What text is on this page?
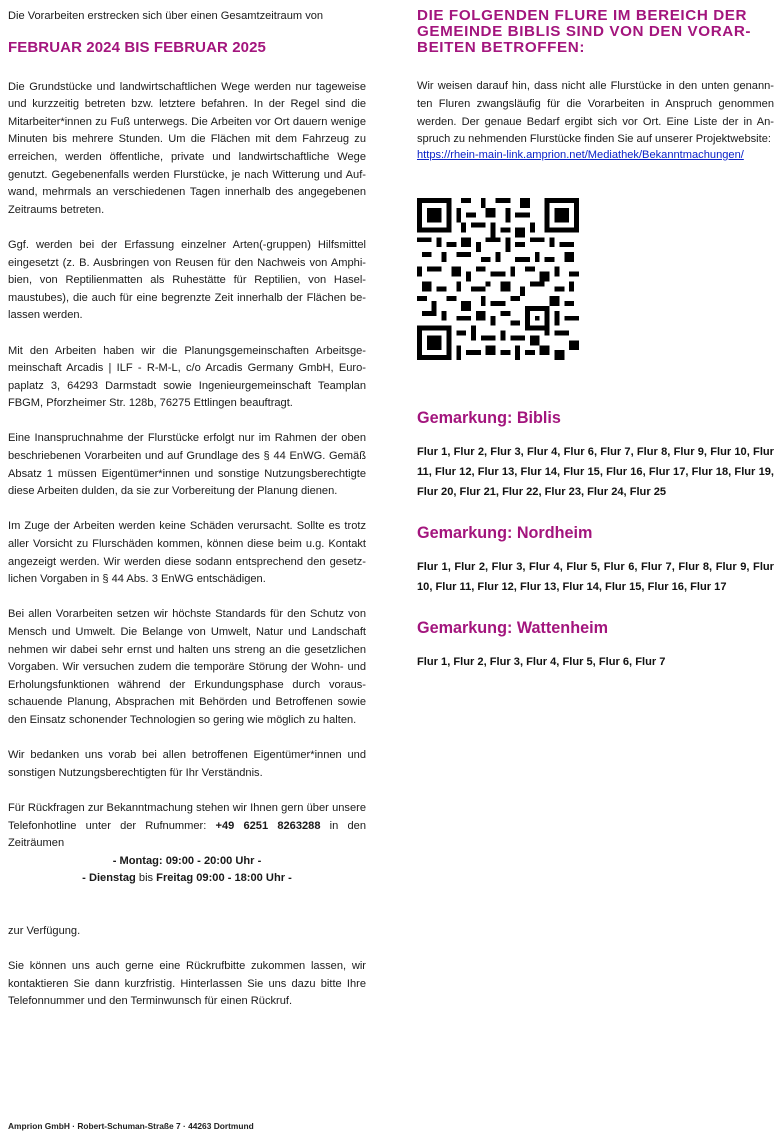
Die Vorarbeiten erstrecken sich über einen Gesamtzeitraum von

FEBRUAR 2024 BIS FEBRUAR 2025

Die Grundstücke und landwirtschaftlichen Wege werden nur tageweise und kurzzeitig betreten bzw. letztere befahren. In der Regel sind die Mitarbeiter*innen zu Fuß unterwegs. Die Arbeiten vor Ort dauern wenige Minuten bis mehrere Stunden. Um die Flächen mit dem Fahrzeug zu erreichen, werden öffentliche, private und landwirtschaftliche Wege genutzt. Gegebenenfalls werden Flurstücke, je nach Witterung und Aufwand, mehrmals an verschiedenen Tagen innerhalb des angegebenen Zeitraums betreten.

Ggf. werden bei der Erfassung einzelner Arten(-gruppen) Hilfsmittel eingesetzt (z. B. Ausbringen von Reusen für den Nachweis von Amphibien, von Reptilienmatten als Ruhestätte für Reptilien, von Haselmaustubes), die auch für eine begrenzte Zeit innerhalb der Flächen belassen werden.

Mit den Arbeiten haben wir die Planungsgemeinschaften Arbeitsgemeinschaft Arcadis | ILF - R-M-L, c/o Arcadis Germany GmbH, Europaplatz 3, 64293 Darmstadt sowie Ingenieurgemeinschaft Teamplan FBGM, Pforzheimer Str. 128b, 76275 Ettlingen beauftragt.

Eine Inanspruchnahme der Flurstücke erfolgt nur im Rahmen der oben beschriebenen Vorarbeiten und auf Grundlage des § 44 EnWG. Gemäß Absatz 1 müssen Eigentümer*innen und sonstige Nutzungsberechtigte diese Arbeiten dulden, da sie zur Vorbereitung der Planung dienen.

Im Zuge der Arbeiten werden keine Schäden verursacht. Sollte es trotz aller Vorsicht zu Flurschäden kommen, können diese beim u.g. Kontakt angezeigt werden. Wir werden diese sodann entsprechend den gesetzlichen Vorgaben in § 44 Abs. 3 EnWG entschädigen.

Bei allen Vorarbeiten setzen wir höchste Standards für den Schutz von Mensch und Umwelt. Die Belange von Umwelt, Natur und Landschaft nehmen wir dabei sehr ernst und halten uns streng an die gesetzlichen Vorgaben. Wir versuchen zudem die temporäre Störung der Wohn- und Erholungsfunktionen während der Erkundungsphase durch vorausschauende Planung, Absprachen mit Behörden und Betroffenen sowie den Einsatz schonender Technologien so gering wie möglich zu halten.

Wir bedanken uns vorab bei allen betroffenen Eigentümer*innen und sonstigen Nutzungsberechtigten für Ihr Verständnis.

Für Rückfragen zur Bekanntmachung stehen wir Ihnen gern über unsere Telefonhotline unter der Rufnummer: +49 6251 8263288 in den Zeiträumen

- Montag: 09:00 - 20:00 Uhr -

- Dienstag bis Freitag 09:00 - 18:00 Uhr -

zur Verfügung.

Sie können uns auch gerne eine Rückrufbitte zukommen lassen, wir kontaktieren Sie dann kurzfristig. Hinterlassen Sie uns dazu bitte Ihre Telefonnummer und den Terminwunsch für einen Rückruf.

DIE FOLGENDEN FLURE IM BEREICH DER GEMEINDE BIBLIS SIND VON DEN VORARBEITEN BETROFFEN:

Wir weisen darauf hin, dass nicht alle Flurstücke in den unten genannten Fluren zwangsläufig für die Vorarbeiten in Anspruch genommen werden. Der genaue Bedarf ergibt sich vor Ort. Eine Liste der in Anspruch zu nehmenden Flurstücke finden Sie auf unserer Projektwebsite:

https://rhein-main-link.amprion.net/Mediathek/Bekanntmachungen/
Gemarkung: Biblis
Flur 1, Flur 2, Flur 3, Flur 4, Flur 6, Flur 7, Flur 8, Flur 9, Flur 10, Flur 11, Flur 12, Flur 13, Flur 14, Flur 15, Flur 16, Flur 17, Flur 18, Flur 19, Flur 20, Flur 21, Flur 22, Flur 23, Flur 24, Flur 25
Gemarkung: Nordheim
Flur 1, Flur 2, Flur 3, Flur 4, Flur 5, Flur 6, Flur 7, Flur 8, Flur 9, Flur 10, Flur 11, Flur 12, Flur 13, Flur 14, Flur 15, Flur 16, Flur 17
Gemarkung: Wattenheim
Flur 1, Flur 2, Flur 3, Flur 4, Flur 5, Flur 6, Flur 7
Amprion GmbH · Robert-Schuman-Straße 7 · 44263 Dortmund
